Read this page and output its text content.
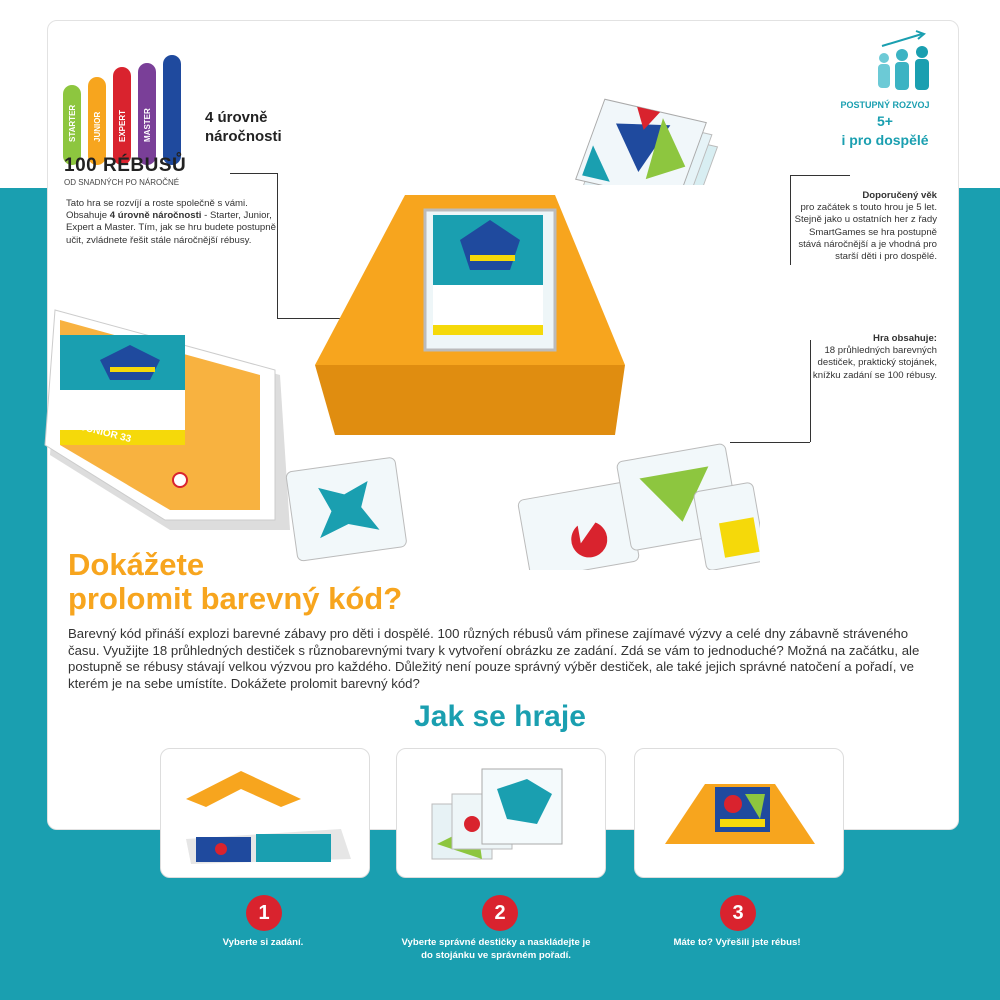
STARTER JUNIOR EXPERT MASTER
100 RÉBUSŮ
OD SNADNÝCH PO NÁROČNÉ
4 úrovně
náročnosti
Tato hra se rozvíjí a roste společně s vámi. Obsahuje 4 úrovně náročnosti - Starter, Junior, Expert a Master. Tím, jak se hru budete postupně učit, zvládnete řešit stále náročnější rébusy.
POSTUPNÝ ROZVOJ
5+
i pro dospělé
Doporučený věk
pro začátek s touto hrou je 5 let. Stejně jako u ostatních her z řady SmartGames se hra postupně stává náročnější a je vhodná pro starší děti i pro dospělé.
Hra obsahuje:
18 průhledných barevných destiček, praktický stojánek, knížku zadání se 100 rébusy.
JUNIOR 33
Dokážete
prolomit barevný kód?
Barevný kód přináší explozi barevné zábavy pro děti i dospělé. 100 různých rébusů vám přinese zajímavé výzvy a celé dny zábavně stráveného času. Využijte 18 průhledných destiček s různobarevnými tvary k vytvoření obrázku ze zadání. Zdá se vám to jednoduché? Možná na začátku, ale postupně se rébusy stávají velkou výzvou pro každého. Důležitý není pouze správný výběr destiček, ale také jejich správné natočení a pořadí, ve kterém je na sebe umístíte. Dokážete prolomit barevný kód?
Jak se hraje
1	2	3
Vyberte si zadání.	Vyberte správné destičky a naskládejte je do stojánku ve správném pořadí.
Máte to? Vyřešili jste rébus!
